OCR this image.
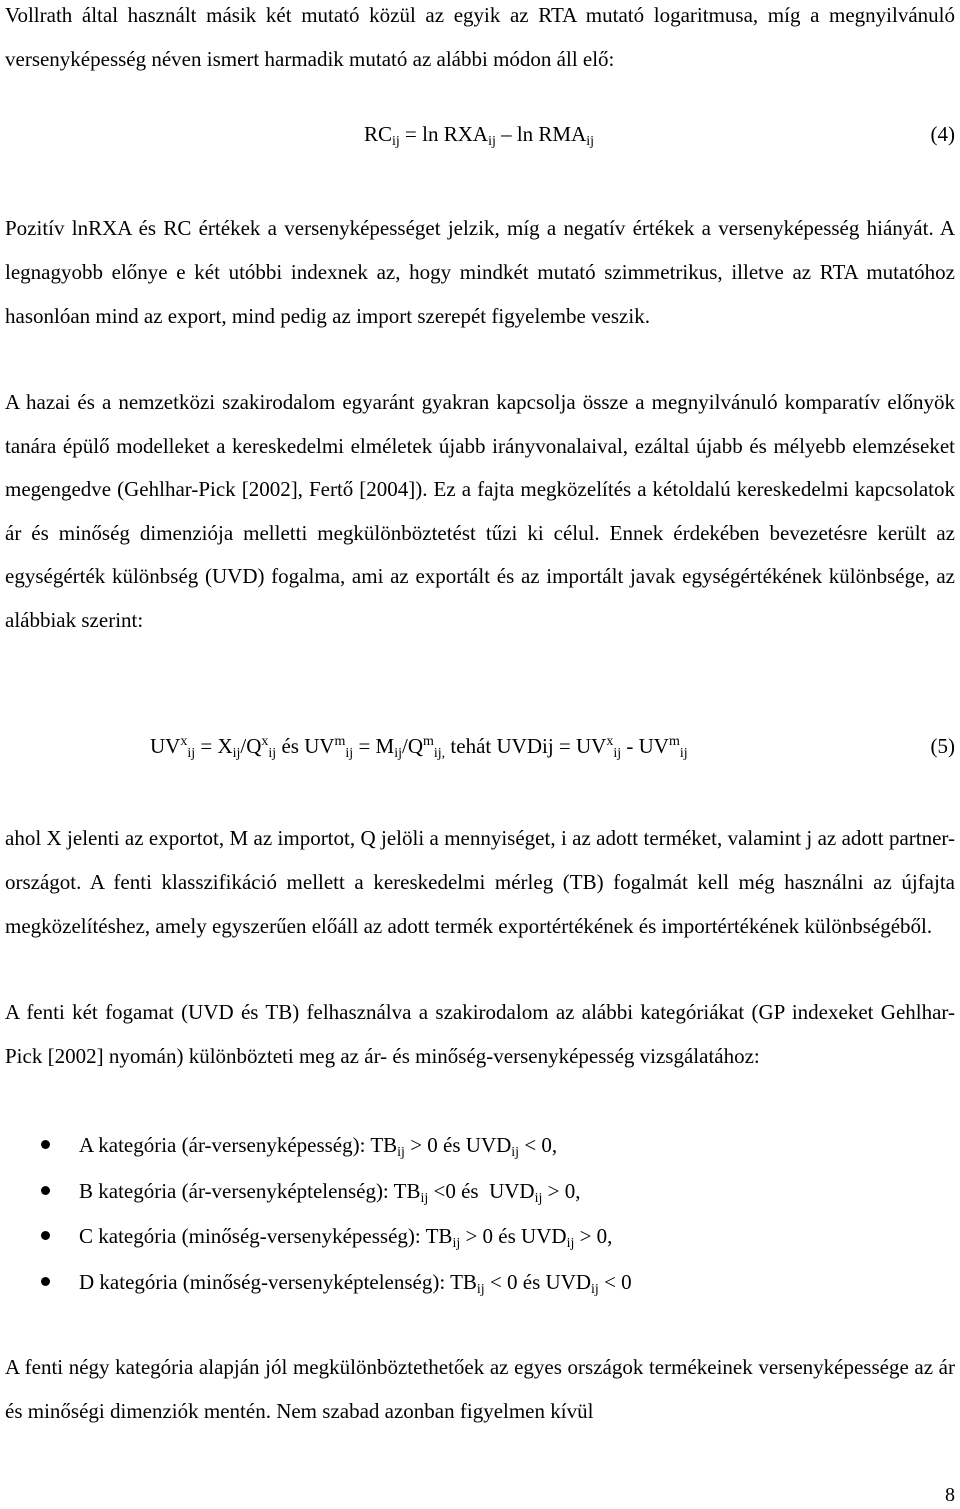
Vollrath által használt másik két mutató közül az egyik az RTA mutató logaritmusa, míg a megnyilvánuló versenyképesség néven ismert harmadik mutató az alábbi módon áll elő:

$RC_{ij} = \ln RXA_{ij} - \ln RMA_{ij}$	(4)

Pozitív lnRXA és RC értékek a versenyképességet jelzik, míg a negatív értékek a versenyképesség hiányát. A legnagyobb előnye e két utóbbi indexnek az, hogy mindkét mutató szimmetrikus, illetve az RTA mutatóhoz hasonlóan mind az export, mind pedig az import szerepét figyelembe veszik.

A hazai és a nemzetközi szakirodalom egyaránt gyakran kapcsolja össze a megnyilvánuló komparatív előnyök tanára épülő modelleket a kereskedelmi elméletek újabb irányvonalaival, ezáltal újabb és mélyebb elemzéseket megengedve (Gehlhar-Pick [2002], Fertő [2004]). Ez a fajta megközelítés a kétoldalú kereskedelmi kapcsolatok ár és minőség dimenziója melletti megkülönböztetést tűzi ki célul. Ennek érdekében bevezetésre került az egységérték különbség (UVD) fogalma, ami az exportált és az importált javak egységértékének különbsége, az alábbiak szerint:

$UV^x_{ij} = X_{ij}/Q^x_{ij}$ és $UV^m_{ij} = M_{ij}/Q^m_{ij,}$ tehát UVDij = $UV^x_{ij} - UV^m_{ij}$	(5)

ahol X jelenti az exportot, M az importot, Q jelöli a mennyiséget, i az adott terméket, valamint j az adott partner-országot. A fenti klasszifikáció mellett a kereskedelmi mérleg (TB) fogalmát kell még használni az újfajta megközelítéshez, amely egyszerűen előáll az adott termék exportértékének és importértékének különbségéből.

A fenti két fogamat (UVD és TB) felhasználva a szakirodalom az alábbi kategóriákat (GP indexeket Gehlhar-Pick [2002] nyomán) különbözteti meg az ár- és minőség-versenyképesség vizsgálatához:

A kategória (ár-versenyképesség): $TB_{ij} > 0$ és $UVD_{ij} < 0$,
B kategória (ár-versenyképtelenség): $TB_{ij} <0$ és  $UVD_{ij} > 0$,
C kategória (minőség-versenyképesség): $TB_{ij} > 0$ és $UVD_{ij} > 0$,
D kategória (minőség-versenyképtelenség): $TB_{ij} < 0$ és $UVD_{ij} < 0$

A fenti négy kategória alapján jól megkülönböztethetőek az egyes országok termékeinek versenyképessége az ár és minőségi dimenziók mentén. Nem szabad azonban figyelmen kívül

8
